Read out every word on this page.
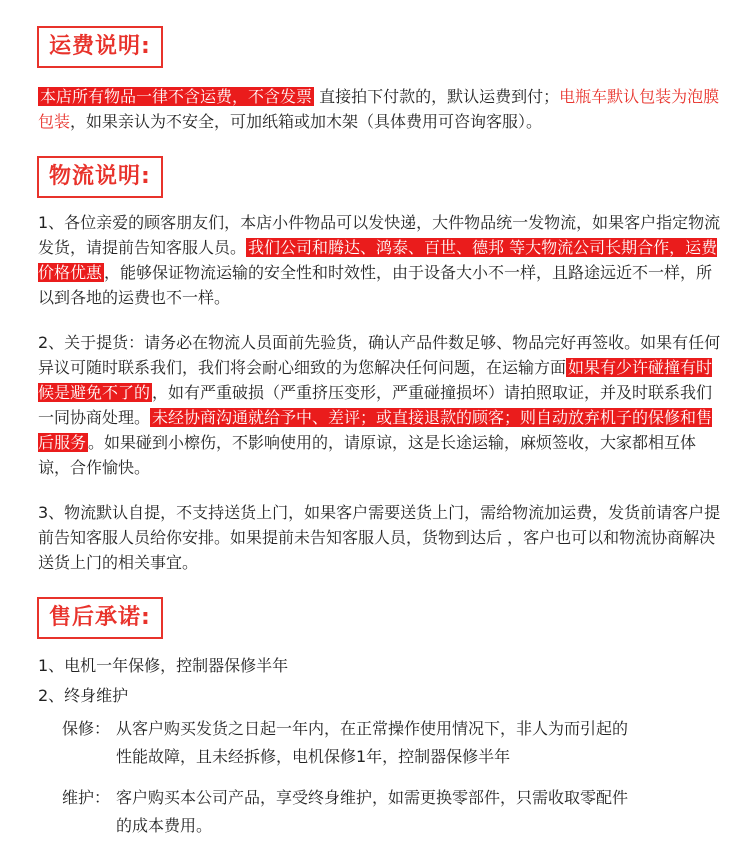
运费说明:
本店所有物品一律不含运费，不含发票 直接拍下付款的，默认运费到付；电瓶车默认包装为泡膜包装，如果亲认为不安全，可加纸箱或加木架（具体费用可咨询客服）。
物流说明:
1、各位亲爱的顾客朋友们，本店小件物品可以发快递，大件物品统一发物流，如果客户指定物流发货，请提前告知客服人员。 我们公司和腾达、鸿泰、百世、德邦 等大物流公司长期合作，运费价格优惠 ，能够保证物流运输的安全性和时效性，由于设备大小不一样，且路途远近不一样，所以到各地的运费也不一样。
2、关于提货：请务必在物流人员面前先验货，确认产品件数足够、物品完好再签收。如果有任何异议可随时联系我们，我们将会耐心细致的为您解决任何问题，在运输方面 如果有少许碰撞有时候是避免不了的 ，如有严重破损（严重挤压变形，严重碰撞损坏）请拍照取证，并及时联系我们一同协商处理。 未经协商沟通就给予中、差评；或直接退款的顾客；则自动放弃机子的保修和售后服务 。如果碰到小檫伤，不影响使用的，请原谅，这是长途运输，麻烦签收，大家都相互体谅，合作愉快。
3、物流默认自提，不支持送货上门，如果客户需要送货上门，需给物流加运费，发货前请客户提前告知客服人员给你安排。如果提前未告知客服人员，货物到达后 ，客户也可以和物流协商解决送货上门的相关事宜。
售后承诺:
1、电机一年保修，控制器保修半年
2、终身维护
保修： 从客户购买发货之日起一年内，在正常操作使用情况下，非人为而引起的
性能故障，且未经拆修，电机保修1年，控制器保修半年
维护： 客户购买本公司产品，享受终身维护，如需更换零部件，只需收取零配件
的成本费用。
